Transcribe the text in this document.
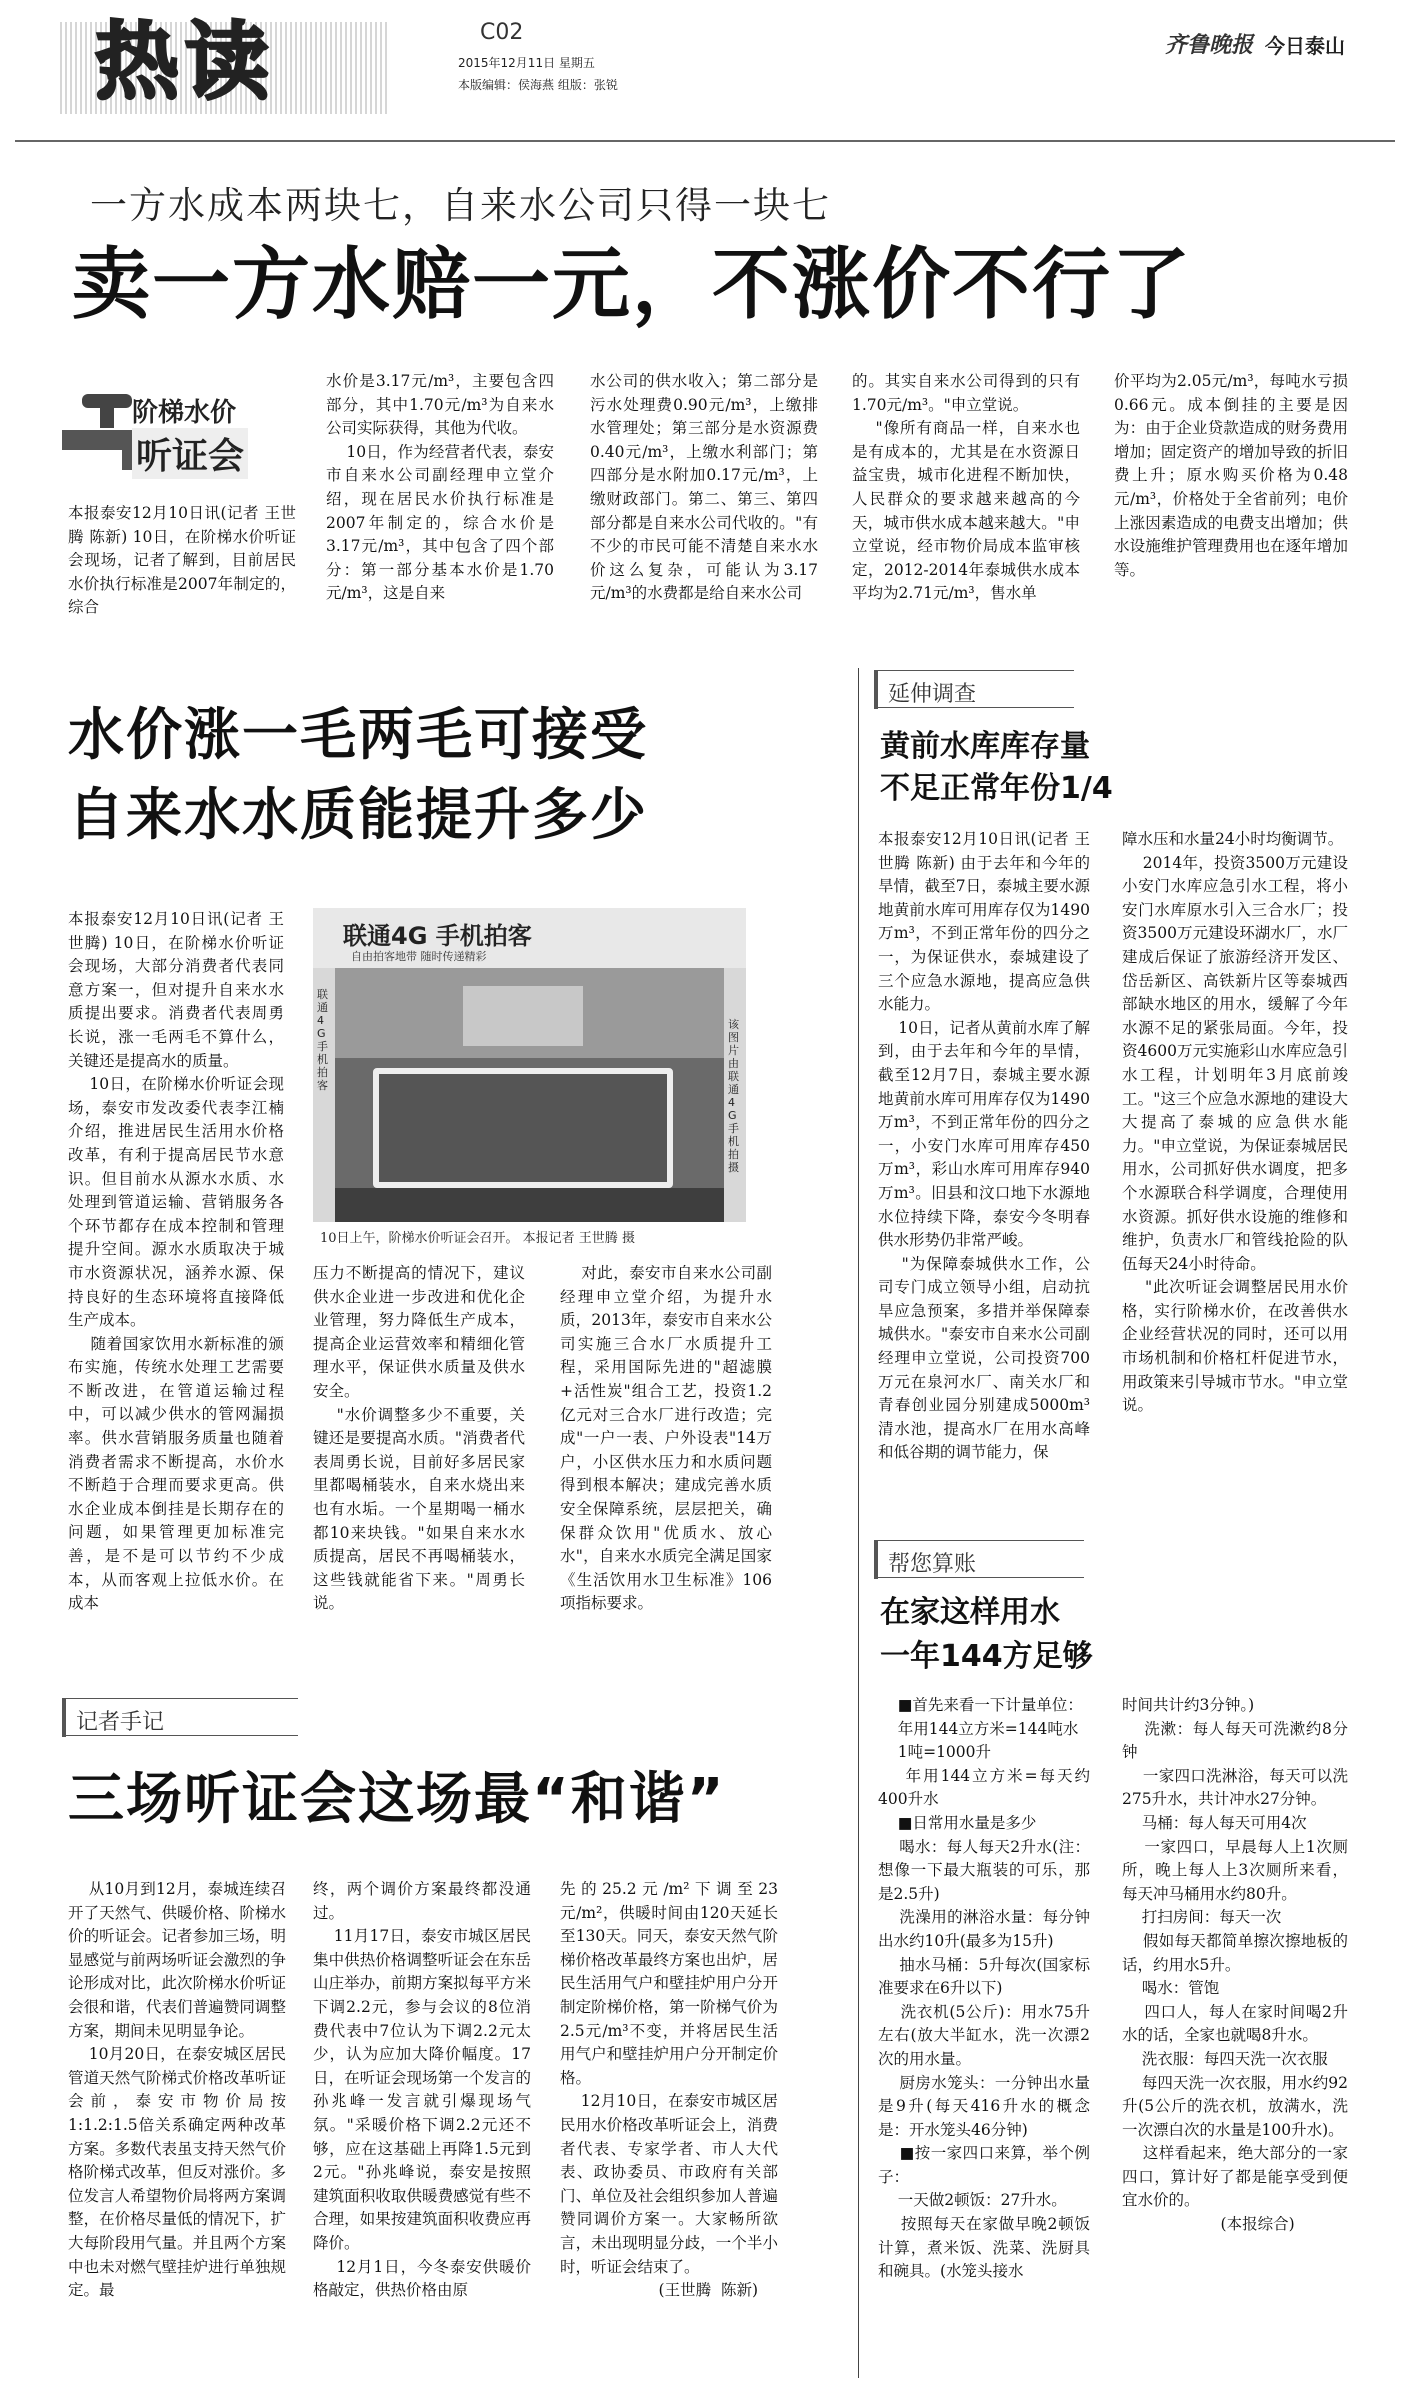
热读	C02
2015年12月11日 星期五
本版编辑：侯海燕 组版：张锐
齐鲁晚报 今日泰山
一方水成本两块七，自来水公司只得一块七
卖一方水赔一元，不涨价不行了
阶梯水价
听证会
本报泰安12月10日讯(记者 王世腾 陈新) 10日，在阶梯水价听证会现场，记者了解到，目前居民水价执行标准是2007年制定的，综合
水价是3.17元/m³，主要包含四部分，其中1.70元/m³为自来水公司实际获得，其他为代收。
10日，作为经营者代表，泰安市自来水公司副经理申立堂介绍，现在居民水价执行标准是2007年制定的，综合水价是3.17元/m³，其中包含了四个部分：第一部分基本水价是1.70元/m³，这是自来
水公司的供水收入；第二部分是污水处理费0.90元/m³，上缴排水管理处；第三部分是水资源费0.40元/m³，上缴水利部门；第四部分是水附加0.17元/m³，上缴财政部门。第二、第三、第四部分都是自来水公司代收的。"有不少的市民可能不清楚自来水水价这么复杂，可能认为3.17元/m³的水费都是给自来水公司
的。其实自来水公司得到的只有1.70元/m³。"申立堂说。
"像所有商品一样，自来水也是有成本的，尤其是在水资源日益宝贵，城市化进程不断加快，人民群众的要求越来越高的今天，城市供水成本越来越大。"申立堂说，经市物价局成本监审核定，2012-2014年泰城供水成本平均为2.71元/m³，售水单
价平均为2.05元/m³，每吨水亏损0.66元。成本倒挂的主要是因为：由于企业贷款造成的财务费用增加；固定资产的增加导致的折旧费上升；原水购买价格为0.48元/m³，价格处于全省前列；电价上涨因素造成的电费支出增加；供水设施维护管理费用也在逐年增加等。
水价涨一毛两毛可接受
自来水水质能提升多少
本报泰安12月10日讯(记者 王世腾) 10日，在阶梯水价听证会现场，大部分消费者代表同意方案一，但对提升自来水水质提出要求。消费者代表周勇长说，涨一毛两毛不算什么，关键还是提高水的质量。
10日，在阶梯水价听证会现场，泰安市发改委代表李江楠介绍，推进居民生活用水价格改革，有利于提高居民节水意识。但目前水从源水水质、水处理到管道运输、营销服务各个环节都存在成本控制和管理提升空间。源水水质取决于城市水资源状况，涵养水源、保持良好的生态环境将直接降低生产成本。
随着国家饮用水新标准的颁布实施，传统水处理工艺需要不断改进，在管道运输过程中，可以减少供水的管网漏损率。供水营销服务质量也随着消费者需求不断提高，水价水不断趋于合理而要求更高。供水企业成本倒挂是长期存在的问题，如果管理更加标准完善，是不是可以节约不少成本，从而客观上拉低水价。在成本
联通4G 手机拍客
自由拍客地带 随时传递精彩
联通4G手机拍客
该图片由联通4G手机拍摄
10日上午，阶梯水价听证会召开。 本报记者 王世腾 摄
压力不断提高的情况下，建议供水企业进一步改进和优化企业管理，努力降低生产成本，提高企业运营效率和精细化管理水平，保证供水质量及供水安全。
"水价调整多少不重要，关键还是要提高水质。"消费者代表周勇长说，目前好多居民家里都喝桶装水，自来水烧出来也有水垢。一个星期喝一桶水都10来块钱。"如果自来水水质提高，居民不再喝桶装水，这些钱就能省下来。"周勇长说。
对此，泰安市自来水公司副经理申立堂介绍，为提升水质，2013年，泰安市自来水公司实施三合水厂水质提升工程，采用国际先进的"超滤膜+活性炭"组合工艺，投资1.2亿元对三合水厂进行改造；完成"一户一表、户外设表"14万户，小区供水压力和水质问题得到根本解决；建成完善水质安全保障系统，层层把关，确保群众饮用"优质水、放心水"，自来水水质完全满足国家《生活饮用水卫生标准》106项指标要求。
延伸调查
黄前水库库存量
不足正常年份1/4
本报泰安12月10日讯(记者 王世腾 陈新) 由于去年和今年的旱情，截至7日，泰城主要水源地黄前水库可用库存仅为1490万m³，不到正常年份的四分之一，为保证供水，泰城建设了三个应急水源地，提高应急供水能力。
10日，记者从黄前水库了解到，由于去年和今年的旱情，截至12月7日，泰城主要水源地黄前水库可用库存仅为1490万m³，不到正常年份的四分之一，小安门水库可用库存450万m³，彩山水库可用库存940万m³。旧县和汶口地下水源地水位持续下降，泰安今冬明春供水形势仍非常严峻。
"为保障泰城供水工作，公司专门成立领导小组，启动抗旱应急预案，多措并举保障泰城供水。"泰安市自来水公司副经理申立堂说，公司投资700万元在泉河水厂、南关水厂和青春创业园分别建成5000m³清水池，提高水厂在用水高峰和低谷期的调节能力，保
障水压和水量24小时均衡调节。
2014年，投资3500万元建设小安门水库应急引水工程，将小安门水库原水引入三合水厂；投资3500万元建设环湖水厂，水厂建成后保证了旅游经济开发区、岱岳新区、高铁新片区等泰城西部缺水地区的用水，缓解了今年水源不足的紧张局面。今年，投资4600万元实施彩山水库应急引水工程，计划明年3月底前竣工。"这三个应急水源地的建设大大提高了泰城的应急供水能力。"申立堂说，为保证泰城居民用水，公司抓好供水调度，把多个水源联合科学调度，合理使用水资源。抓好供水设施的维修和维护，负责水厂和管线抢险的队伍每天24小时待命。
"此次听证会调整居民用水价格，实行阶梯水价，在改善供水企业经营状况的同时，还可以用市场机制和价格杠杆促进节水，用政策来引导城市节水。"申立堂说。
帮您算账
在家这样用水
一年144方足够
■首先来看一下计量单位：
年用144立方米=144吨水
1吨=1000升
年用144立方米=每天约400升水
■日常用水量是多少
喝水：每人每天2升水(注：想像一下最大瓶装的可乐，那是2.5升)
洗澡用的淋浴水量：每分钟出水约10升(最多为15升)
抽水马桶：5升每次(国家标准要求在6升以下)
洗衣机(5公斤)：用水75升左右(放大半缸水，洗一次漂2次的用水量。
厨房水笼头：一分钟出水量是9升(每天416升水的概念是：开水笼头46分钟)
■按一家四口来算，举个例子：
一天做2顿饭：27升水。
按照每天在家做早晚2顿饭计算，煮米饭、洗菜、洗厨具和碗具。(水笼头接水
时间共计约3分钟。)
洗漱：每人每天可洗漱约8分钟
一家四口洗淋浴，每天可以洗275升水，共计冲水27分钟。
马桶：每人每天可用4次
一家四口，早晨每人上1次厕所，晚上每人上3次厕所来看，每天冲马桶用水约80升。
打扫房间：每天一次
假如每天都简单擦次擦地板的话，约用水5升。
喝水：管饱
四口人，每人在家时间喝2升水的话，全家也就喝8升水。
洗衣服：每四天洗一次衣服
每四天洗一次衣服，用水约92升(5公斤的洗衣机，放满水，洗一次漂白次的水量是100升水)。
这样看起来，绝大部分的一家四口，算计好了都是能享受到便宜水价的。
(本报综合)
记者手记
三场听证会这场最“和谐”
从10月到12月，泰城连续召开了天然气、供暖价格、阶梯水价的听证会。记者参加三场，明显感觉与前两场听证会激烈的争论形成对比，此次阶梯水价听证会很和谐，代表们普遍赞同调整方案，期间未见明显争论。
10月20日，在泰安城区居民管道天然气阶梯式价格改革听证会前，泰安市物价局按1:1.2:1.5倍关系确定两种改革方案。多数代表虽支持天然气价格阶梯式改革，但反对涨价。多位发言人希望物价局将两方案调整，在价格尽量低的情况下，扩大每阶段用气量。并且两个方案中也未对燃气壁挂炉进行单独规定。最
终，两个调价方案最终都没通过。
11月17日，泰安市城区居民集中供热价格调整听证会在东岳山庄举办，前期方案拟每平方米下调2.2元，参与会议的8位消费代表中7位认为下调2.2元太少，认为应加大降价幅度。17日，在听证会现场第一个发言的孙兆峰一发言就引爆现场气氛。"采暖价格下调2.2元还不够，应在这基础上再降1.5元到2元。"孙兆峰说，泰安是按照建筑面积收取供暖费感觉有些不合理，如果按建筑面积收费应再降价。
12月1日，今冬泰安供暖价格敲定，供热价格由原
先的25.2元/m²下调至23元/m²，供暖时间由120天延长至130天。同天，泰安天然气阶梯价格改革最终方案也出炉，居民生活用气户和壁挂炉用户分开制定阶梯价格，第一阶梯气价为2.5元/m³不变，并将居民生活用气户和壁挂炉用户分开制定价格。
12月10日，在泰安市城区居民用水价格改革听证会上，消费者代表、专家学者、市人大代表、政协委员、市政府有关部门、单位及社会组织参加人普遍赞同调价方案一。大家畅所欲言，未出现明显分歧，一个半小时，听证会结束了。
(王世腾  陈新)
